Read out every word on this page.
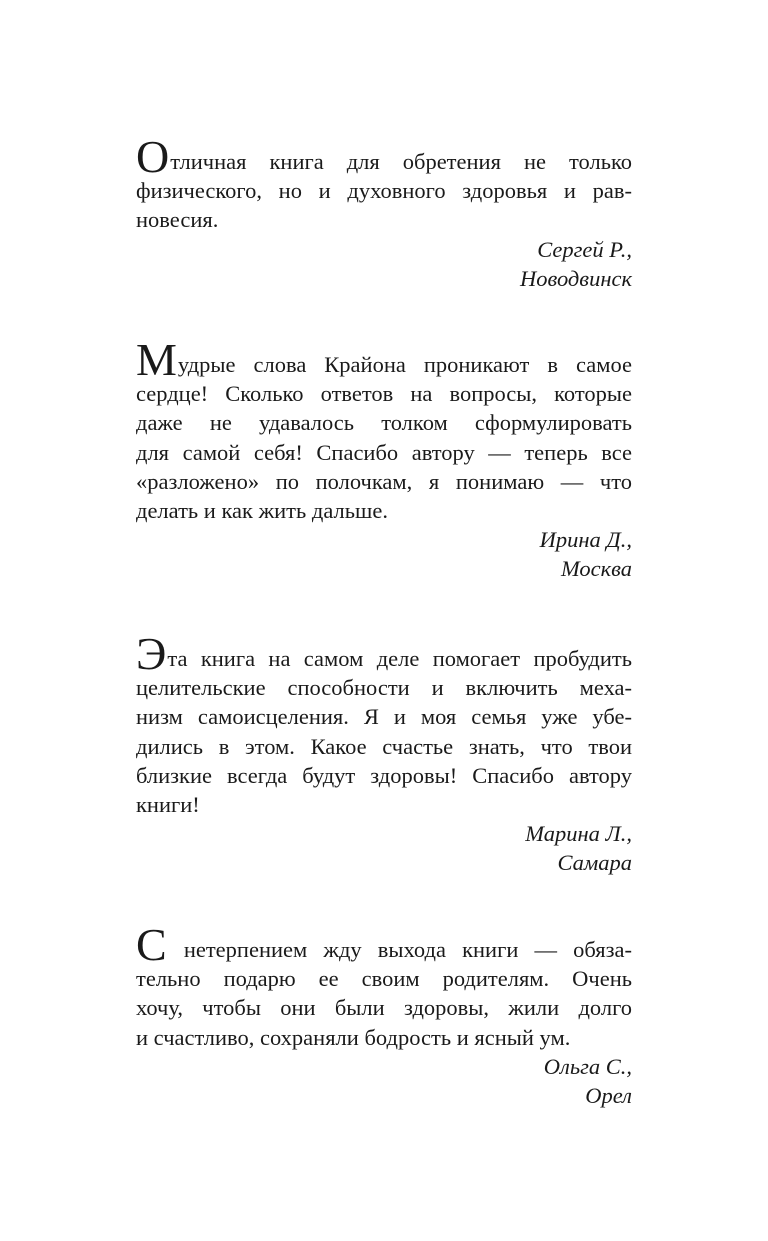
Отличная книга для обретения не только
физического, но и духовного здоровья и рав-
новесия.

Сергей Р.,
Новодвинск

Мудрые слова Крайона проникают в самое
сердце! Сколько ответов на вопросы, которые
даже не удавалось толком сформулировать
для самой себя! Спасибо автору — теперь все
«разложено» по полочкам, я понимаю — что
делать и как жить дальше.

Ирина Д.,
Москва

Эта книга на самом деле помогает пробудить
целительские способности и включить меха-
низм самоисцеления. Я и моя семья уже убе-
дились в этом. Какое счастье знать, что твои
близкие всегда будут здоровы! Спасибо автору
книги!

Марина Л.,
Самара

С нетерпением жду выхода книги — обяза-
тельно подарю ее своим родителям. Очень
хочу, чтобы они были здоровы, жили долго
и счастливо, сохраняли бодрость и ясный ум.

Ольга С.,
Орел
